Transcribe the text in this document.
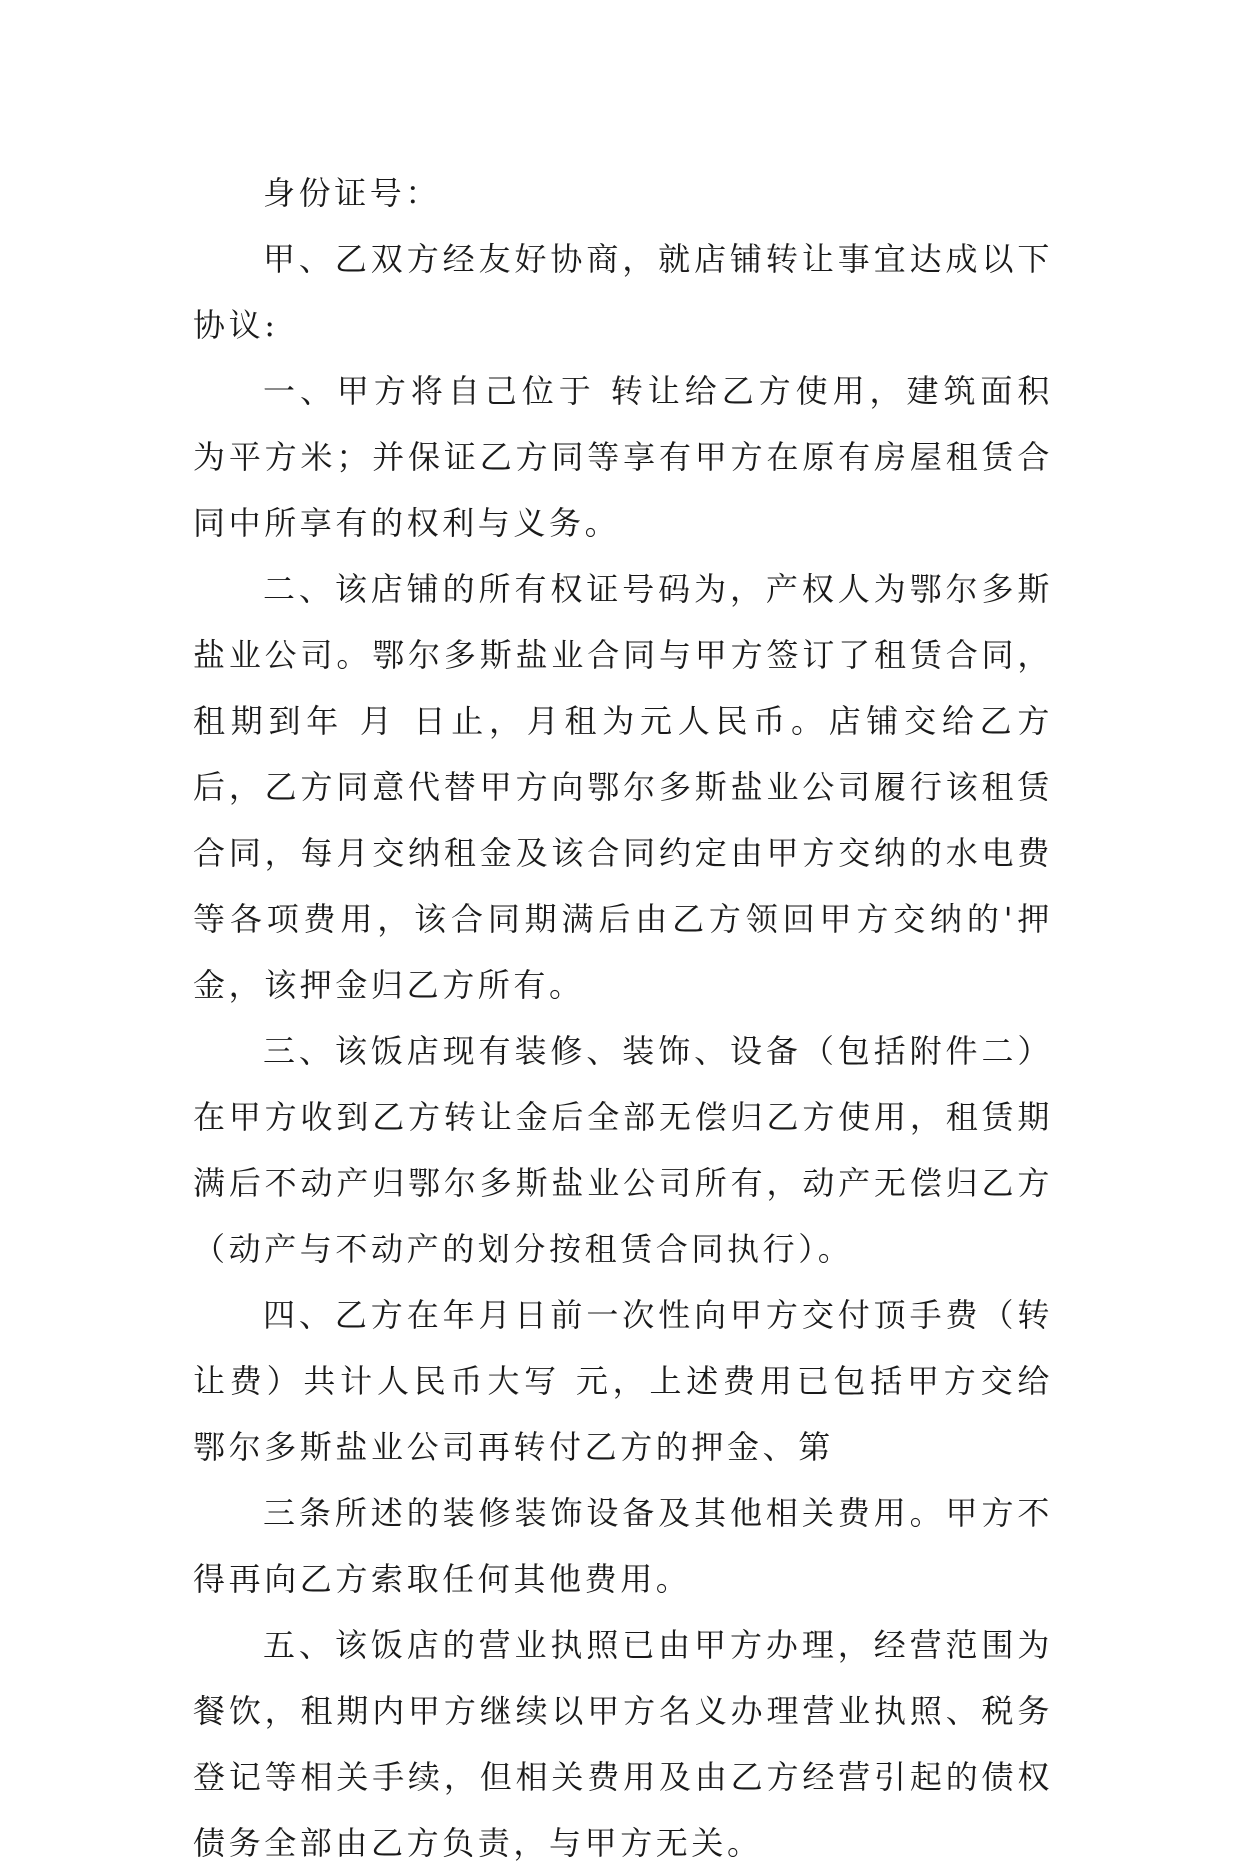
身份证号：

甲、乙双方经友好协商，就店铺转让事宜达成以下协议:

一、甲方将自己位于 转让给乙方使用，建筑面积为平方米；并保证乙方同等享有甲方在原有房屋租赁合同中所享有的权利与义务。

二、该店铺的所有权证号码为，产权人为鄂尔多斯盐业公司。鄂尔多斯盐业合同与甲方签订了租赁合同，租期到年 月 日止，月租为元人民币。店铺交给乙方后，乙方同意代替甲方向鄂尔多斯盐业公司履行该租赁合同，每月交纳租金及该合同约定由甲方交纳的水电费等各项费用，该合同期满后由乙方领回甲方交纳的'押金，该押金归乙方所有。

三、该饭店现有装修、装饰、设备（包括附件二）在甲方收到乙方转让金后全部无偿归乙方使用，租赁期满后不动产归鄂尔多斯盐业公司所有，动产无偿归乙方（动产与不动产的划分按租赁合同执行）。

四、乙方在年月日前一次性向甲方交付顶手费（转让费）共计人民币大写 元，上述费用已包括甲方交给鄂尔多斯盐业公司再转付乙方的押金、第

三条所述的装修装饰设备及其他相关费用。甲方不得再向乙方索取任何其他费用。

五、该饭店的营业执照已由甲方办理，经营范围为餐饮，租期内甲方继续以甲方名义办理营业执照、税务登记等相关手续，但相关费用及由乙方经营引起的债权债务全部由乙方负责，与甲方无关。
